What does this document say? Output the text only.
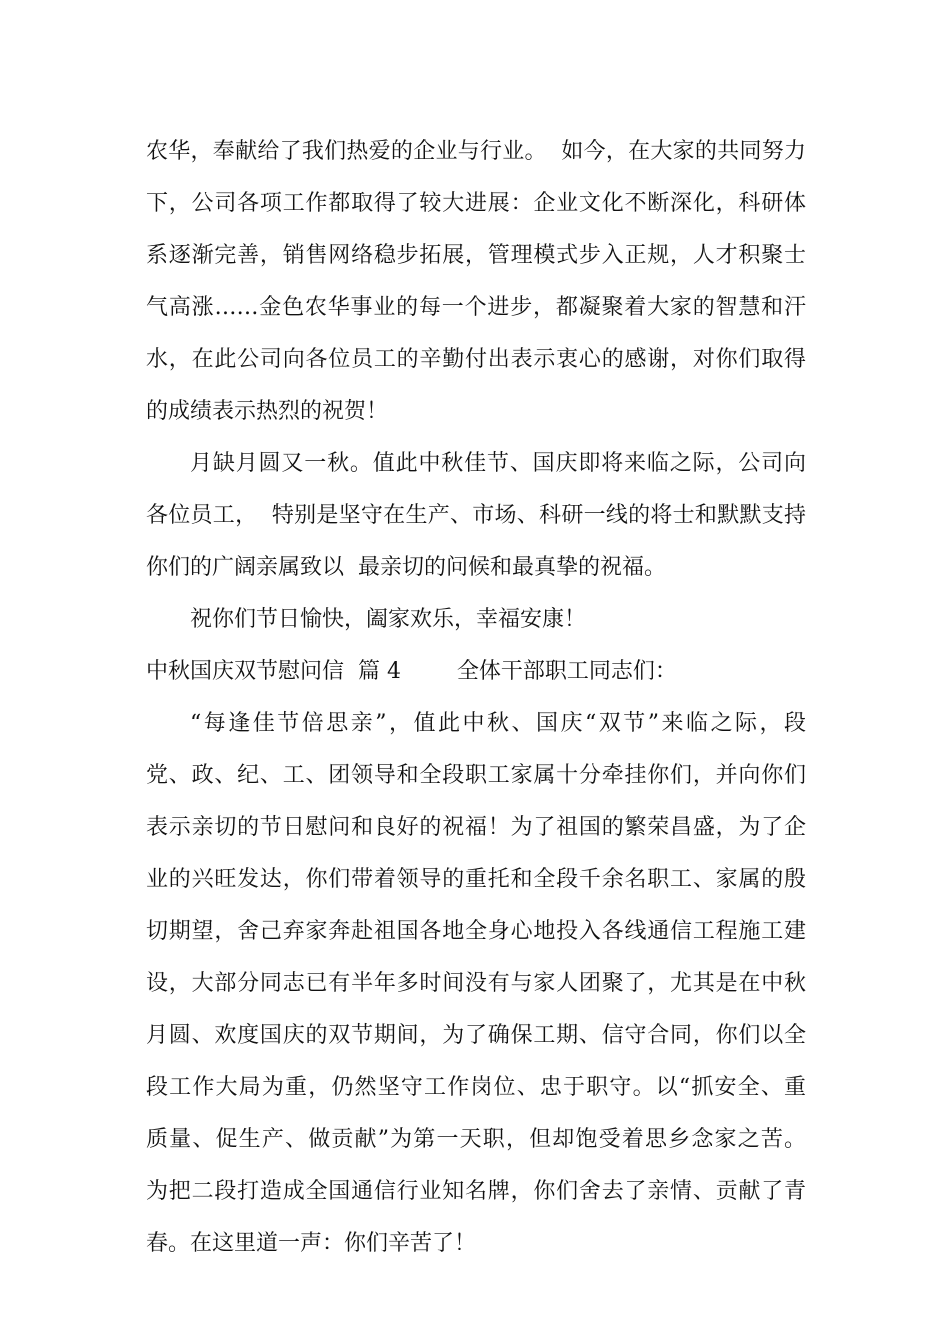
农华，奉献给了我们热爱的企业与行业。  如今，在大家的共同努力
下，公司各项工作都取得了较大进展：企业文化不断深化，科研体
系逐渐完善，销售网络稳步拓展，管理模式步入正规，人才积聚士
气高涨……金色农华事业的每一个进步，都凝聚着大家的智慧和汗
水，在此公司向各位员工的辛勤付出表示衷心的感谢，对你们取得
的成绩表示热烈的祝贺！
月缺月圆又一秋。值此中秋佳节、国庆即将来临之际，公司向
各位员工，  特别是坚守在生产、市场、科研一线的将士和默默支持
你们的广阔亲属致以  最亲切的问候和最真挚的祝福。
祝你们节日愉快，阖家欢乐，幸福安康！
中秋国庆双节慰问信  篇 4        全体干部职工同志们：
“每逢佳节倍思亲”，值此中秋、国庆“双节”来临之际，段
党、政、纪、工、团领导和全段职工家属十分牵挂你们，并向你们
表示亲切的节日慰问和良好的祝福！为了祖国的繁荣昌盛，为了企
业的兴旺发达，你们带着领导的重托和全段千余名职工、家属的殷
切期望，舍己弃家奔赴祖国各地全身心地投入各线通信工程施工建
设，大部分同志已有半年多时间没有与家人团聚了，尤其是在中秋
月圆、欢度国庆的双节期间，为了确保工期、信守合同，你们以全
段工作大局为重，仍然坚守工作岗位、忠于职守。以“抓安全、重
质量、促生产、做贡献”为第一天职，但却饱受着思乡念家之苦。
为把二段打造成全国通信行业知名牌，你们舍去了亲情、贡献了青
春。在这里道一声：你们辛苦了！
